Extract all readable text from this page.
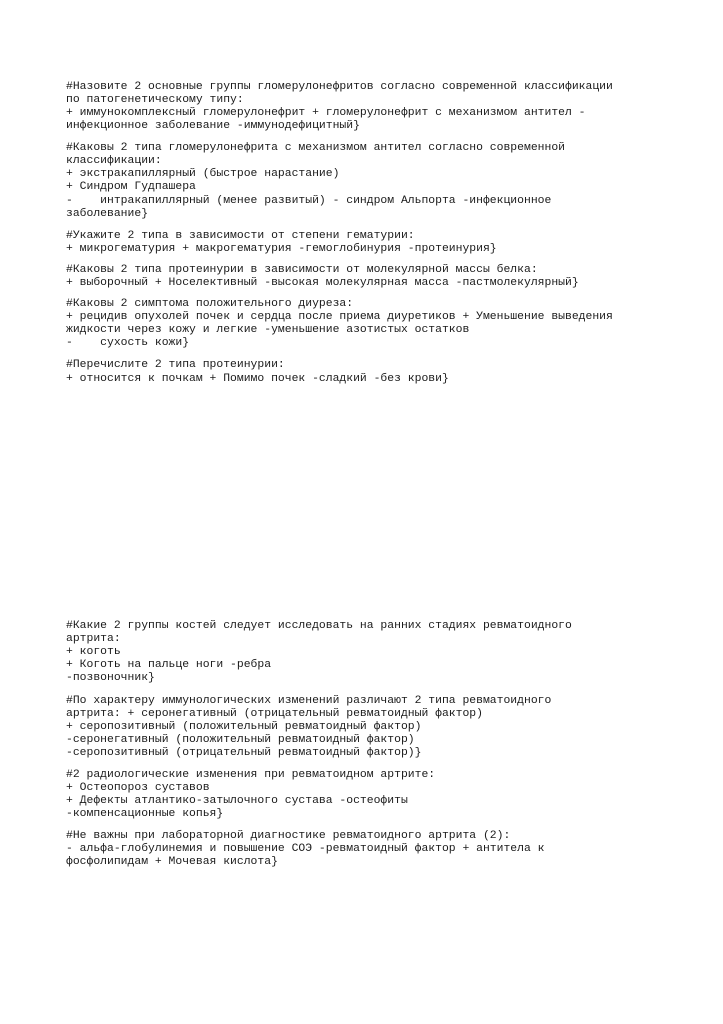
#Назовите 2 основные группы гломерулонефритов согласно современной классификации
по патогенетическому типу:
+ иммунокомплексный гломерулонефрит + гломерулонефрит с механизмом антител -
инфекционное заболевание -иммунодефицитный}
#Каковы 2 типа гломерулонефрита с механизмом антител согласно современной
классификации:
+ экстракапиллярный (быстрое нарастание)
+ Синдром Гудпашера
-    интракапиллярный (менее развитый) - синдром Альпорта -инфекционное
заболевание}
#Укажите 2 типа в зависимости от степени гематурии:
+ микрогематурия + макрогематурия -гемоглобинурия -протеинурия}
#Каковы 2 типа протеинурии в зависимости от молекулярной массы белка:
+ выборочный + Носелективный -высокая молекулярная масса -пастмолекулярный}
#Каковы 2 симптома положительного диуреза:
+ рецидив опухолей почек и сердца после приема диуретиков + Уменьшение выведения
жидкости через кожу и легкие -уменьшение азотистых остатков
-    сухость кожи}
#Перечислите 2 типа протеинурии:
+ относится к почкам + Помимо почек -сладкий -без крови}
#Какие 2 группы костей следует исследовать на ранних стадиях ревматоидного
артрита:
+ коготь
+ Коготь на пальце ноги -ребра
-позвоночник}
#По характеру иммунологических изменений различают 2 типа ревматоидного
артрита: + серонегативный (отрицательный ревматоидный фактор)
+ серопозитивный (положительный ревматоидный фактор)
-серонегативный (положительный ревматоидный фактор)
-серопозитивный (отрицательный ревматоидный фактор)}
#2 радиологические изменения при ревматоидном артрите:
+ Остеопороз суставов
+ Дефекты атлантико-затылочного сустава -остеофиты
-компенсационные копья}
#Не важны при лабораторной диагностике ревматоидного артрита (2):
- альфа-глобулинемия и повышение СОЭ -ревматоидный фактор + антитела к
фосфолипидам + Мочевая кислота}
